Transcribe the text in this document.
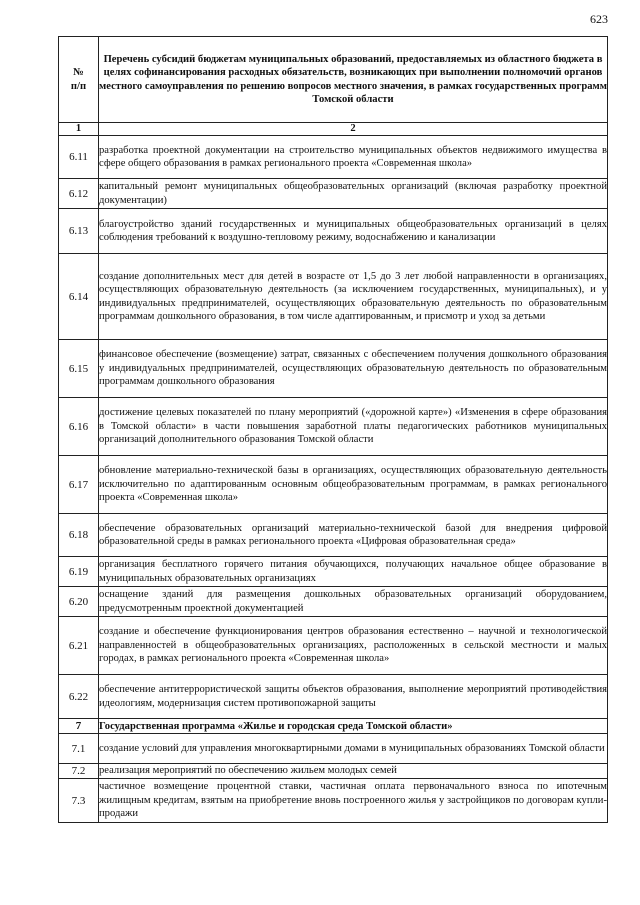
623
№
п/п	Перечень субсидий бюджетам муниципальных образований, предоставляемых из областного бюджета в целях софинансирования расходных обязательств, возникающих при выполнении полномочий органов местного самоуправления по решению вопросов местного значения, в рамках государственных программ Томской области
1	2
6.11	разработка проектной документации на строительство муниципальных объектов недвижимого имущества в сфере общего образования в рамках регионального проекта «Современная школа»
6.12	капитальный ремонт муниципальных общеобразовательных организаций (включая разработку проектной документации)
6.13	благоустройство зданий государственных и муниципальных общеобразовательных организаций в целях соблюдения требований к воздушно-тепловому режиму, водоснабжению и канализации
6.14	создание дополнительных мест для детей в возрасте от 1,5 до 3 лет любой направленности в организациях, осуществляющих образовательную деятельность (за исключением государственных, муниципальных), и у индивидуальных предпринимателей, осуществляющих образовательную деятельность по образовательным программам дошкольного образования, в том числе адаптированным, и присмотр и уход за детьми
6.15	финансовое обеспечение (возмещение) затрат, связанных с обеспечением получения дошкольного образования у индивидуальных предпринимателей, осуществляющих образовательную деятельность по образовательным программам дошкольного образования
6.16	достижение целевых показателей по плану мероприятий («дорожной карте») «Изменения в сфере образования в Томской области» в части повышения заработной платы педагогических работников муниципальных организаций дополнительного образования Томской области
6.17	обновление материально-технической базы в организациях, осуществляющих образовательную деятельность исключительно по адаптированным основным общеобразовательным программам, в рамках регионального проекта «Современная школа»
6.18	обеспечение образовательных организаций материально-технической базой для внедрения цифровой образовательной среды в рамках регионального проекта «Цифровая образовательная среда»
6.19	организация бесплатного горячего питания обучающихся, получающих начальное общее образование в муниципальных образовательных организациях
6.20	оснащение зданий для размещения дошкольных образовательных организаций оборудованием, предусмотренным проектной документацией
6.21	создание и обеспечение функционирования центров образования естественно – научной и технологической направленностей в общеобразовательных организациях, расположенных в сельской местности и малых городах, в рамках регионального проекта «Современная школа»
6.22	обеспечение антитеррористической защиты объектов образования, выполнение мероприятий противодействия идеологиям, модернизация систем противопожарной защиты
7	Государственная программа «Жилье и городская среда Томской области»
7.1	создание условий для управления многоквартирными домами в муниципальных образованиях Томской области
7.2	реализация мероприятий по обеспечению жильем молодых семей
7.3	частичное возмещение процентной ставки, частичная оплата первоначального взноса по ипотечным жилищным кредитам, взятым на приобретение вновь построенного жилья у застройщиков по договорам купли-продажи
